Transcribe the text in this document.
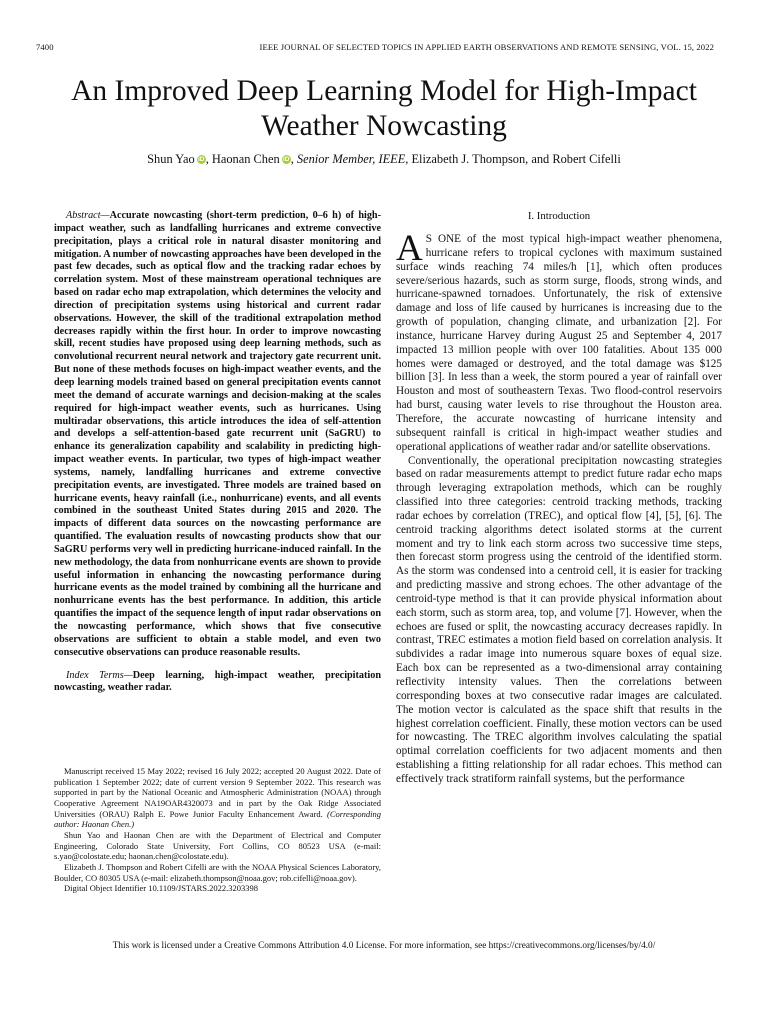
7400	IEEE JOURNAL OF SELECTED TOPICS IN APPLIED EARTH OBSERVATIONS AND REMOTE SENSING, VOL. 15, 2022
An Improved Deep Learning Model for High-Impact Weather Nowcasting
Shun Yao iD, Haonan Chen iD, Senior Member, IEEE, Elizabeth J. Thompson, and Robert Cifelli

Abstract—Accurate nowcasting (short-term prediction, 0–6 h) of high-impact weather, such as landfalling hurricanes and extreme convective precipitation, plays a critical role in natural disaster monitoring and mitigation. A number of nowcasting approaches have been developed in the past few decades, such as optical flow and the tracking radar echoes by correlation system. Most of these mainstream operational techniques are based on radar echo map extrapolation, which determines the velocity and direction of precipitation systems using historical and current radar observations. However, the skill of the traditional extrapolation method decreases rapidly within the first hour. In order to improve nowcasting skill, recent studies have proposed using deep learning methods, such as convolutional recurrent neural network and trajectory gate recurrent unit. But none of these methods focuses on high-impact weather events, and the deep learning models trained based on general precipitation events cannot meet the demand of accurate warnings and decision-making at the scales required for high-impact weather events, such as hurricanes. Using multiradar observations, this article introduces the idea of self-attention and develops a self-attention-based gate recurrent unit (SaGRU) to enhance its generalization capability and scalability in predicting high-impact weather events. In particular, two types of high-impact weather systems, namely, landfalling hurricanes and extreme convective precipitation events, are investigated. Three models are trained based on hurricane events, heavy rainfall (i.e., nonhurricane) events, and all events combined in the southeast United States during 2015 and 2020. The impacts of different data sources on the nowcasting performance are quantified. The evaluation results of nowcasting products show that our SaGRU performs very well in predicting hurricane-induced rainfall. In the new methodology, the data from nonhurricane events are shown to provide useful information in enhancing the nowcasting performance during hurricane events as the model trained by combining all the hurricane and nonhurricane events has the best performance. In addition, this article quantifies the impact of the sequence length of input radar observations on the nowcasting performance, which shows that five consecutive observations are sufficient to obtain a stable model, and even two consecutive observations can produce reasonable results.

Index Terms—Deep learning, high-impact weather, precipitation nowcasting, weather radar.

Manuscript received 15 May 2022; revised 16 July 2022; accepted 20 August 2022. Date of publication 1 September 2022; date of current version 9 September 2022. This research was supported in part by the National Oceanic and Atmospheric Administration (NOAA) through Cooperative Agreement NA19OAR4320073 and in part by the Oak Ridge Associated Universities (ORAU) Ralph E. Powe Junior Faculty Enhancement Award. (Corresponding author: Haonan Chen.)

Shun Yao and Haonan Chen are with the Department of Electrical and Computer Engineering, Colorado State University, Fort Collins, CO 80523 USA (e-mail: s.yao@colostate.edu; haonan.chen@colostate.edu).

Elizabeth J. Thompson and Robert Cifelli are with the NOAA Physical Sciences Laboratory, Boulder, CO 80305 USA (e-mail: elizabeth.thompson@noaa.gov; rob.cifelli@noaa.gov).

Digital Object Identifier 10.1109/JSTARS.2022.3203398

I. Introduction

A S ONE of the most typical high-impact weather phenomena, hurricane refers to tropical cyclones with maximum sustained surface winds reaching 74 miles/h [1], which often produces severe/serious hazards, such as storm surge, floods, strong winds, and hurricane-spawned tornadoes. Unfortunately, the risk of extensive damage and loss of life caused by hurricanes is increasing due to the growth of population, changing climate, and urbanization [2]. For instance, hurricane Harvey during August 25 and September 4, 2017 impacted 13 million people with over 100 fatalities. About 135 000 homes were damaged or destroyed, and the total damage was $125 billion [3]. In less than a week, the storm poured a year of rainfall over Houston and most of southeastern Texas. Two flood-control reservoirs had burst, causing water levels to rise throughout the Houston area. Therefore, the accurate nowcasting of hurricane intensity and subsequent rainfall is critical in high-impact weather studies and operational applications of weather radar and/or satellite observations.

Conventionally, the operational precipitation nowcasting strategies based on radar measurements attempt to predict future radar echo maps through leveraging extrapolation methods, which can be roughly classified into three categories: centroid tracking methods, tracking radar echoes by correlation (TREC), and optical flow [4], [5], [6]. The centroid tracking algorithms detect isolated storms at the current moment and try to link each storm across two successive time steps, then forecast storm progress using the centroid of the identified storm. As the storm was condensed into a centroid cell, it is easier for tracking and predicting massive and strong echoes. The other advantage of the centroid-type method is that it can provide physical information about each storm, such as storm area, top, and volume [7]. However, when the echoes are fused or split, the nowcasting accuracy decreases rapidly. In contrast, TREC estimates a motion field based on correlation analysis. It subdivides a radar image into numerous square boxes of equal size. Each box can be represented as a two-dimensional array containing reflectivity intensity values. Then the correlations between corresponding boxes at two consecutive radar images are calculated. The motion vector is calculated as the space shift that results in the highest correlation coefficient. Finally, these motion vectors can be used for nowcasting. The TREC algorithm involves calculating the spatial optimal correlation coefficients for two adjacent moments and then establishing a fitting relationship for all radar echoes. This method can effectively track stratiform rainfall systems, but the performance

This work is licensed under a Creative Commons Attribution 4.0 License. For more information, see https://creativecommons.org/licenses/by/4.0/
